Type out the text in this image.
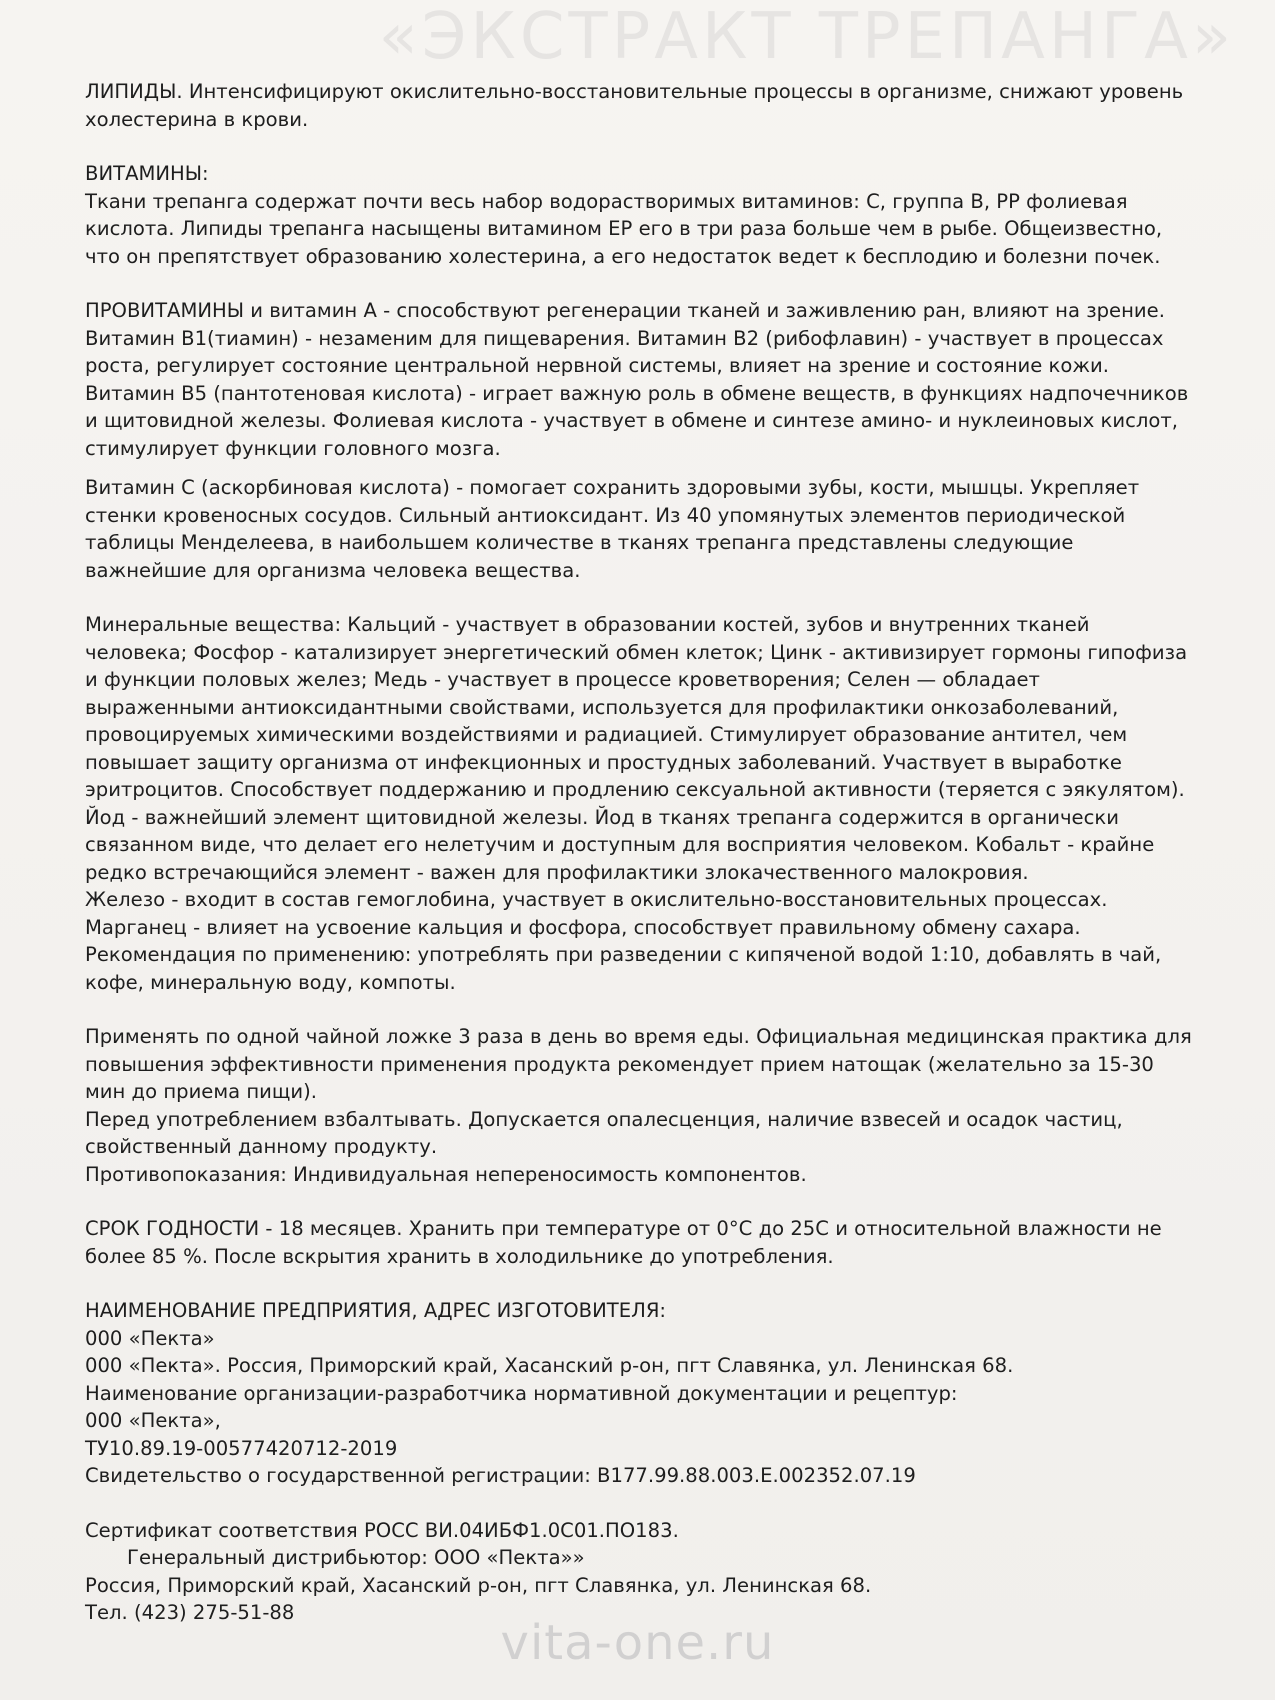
«ЭКСТРАКТ ТРЕПАНГА»

ЛИПИДЫ. Интенсифицируют окислительно-восстановительные процессы в организме, снижают уровень холестерина в крови.

ВИТАМИНЫ:

Ткани трепанга содержат почти весь набор водорастворимых витаминов: С, группа В, РР фолиевая кислота. Липиды трепанга насыщены витамином ЕР его в три раза больше чем в рыбе. Общеизвестно, что он препятствует образованию холестерина, а его недостаток ведет к бесплодию и болезни почек.

ПРОВИТАМИНЫ и витамин А - способствуют регенерации тканей и заживлению ран, влияют на зрение. Витамин В1(тиамин) - незаменим для пищеварения. Витамин В2 (рибофлавин) - участвует в процессах роста, регулирует состояние центральной нервной системы, влияет на зрение и состояние кожи. Витамин В5 (пантотеновая кислота) - играет важную роль в обмене веществ, в функциях надпочечников и щитовидной железы. Фолиевая кислота - участвует в обмене и синтезе амино- и нуклеиновых кислот, стимулирует функции головного мозга.

Витамин С (аскорбиновая кислота) - помогает сохранить здоровыми зубы, кости, мышцы. Укрепляет стенки кровеносных сосудов. Сильный антиоксидант. Из 40 упомянутых элементов периодической таблицы Менделеева, в наибольшем количестве в тканях трепанга представлены следующие важнейшие для организма человека вещества.

Минеральные вещества: Кальций - участвует в образовании костей, зубов и внутренних тканей человека; Фосфор - катализирует энергетический обмен клеток; Цинк - активизирует гормоны гипофиза и функции половых желез; Медь - участвует в процессе кроветворения; Селен — обладает выраженными антиоксидантными свойствами, используется для профилактики онкозаболеваний, провоцируемых химическими воздействиями и радиацией. Стимулирует образование антител, чем повышает защиту организма от инфекционных и простудных заболеваний. Участвует в выработке эритроцитов. Способствует поддержанию и продлению сексуальной активности (теряется с эякулятом). Йод - важнейший элемент щитовидной железы. Йод в тканях трепанга содержится в органически связанном виде, что делает его нелетучим и доступным для восприятия человеком. Кобальт - крайне редко встречающийся элемент - важен для профилактики злокачественного малокровия.

Железо - входит в состав гемоглобина, участвует в окислительно-восстановительных процессах.

Марганец - влияет на усвоение кальция и фосфора, способствует правильному обмену сахара.

Рекомендация по применению: употреблять при разведении с кипяченой водой 1:10, добавлять в чай, кофе, минеральную воду, компоты.

Применять по одной чайной ложке 3 раза в день во время еды. Официальная медицинская практика для повышения эффективности применения продукта рекомендует прием натощак (желательно за 15-30 мин до приема пищи).

Перед употреблением взбалтывать. Допускается опалесценция, наличие взвесей и осадок частиц, свойственный данному продукту.

Противопоказания: Индивидуальная непереносимость компонентов.

СРОК ГОДНОСТИ - 18 месяцев. Хранить при температуре от 0°С до 25С и относительной влажности не более 85 %. После вскрытия хранить в холодильнике до употребления.

НАИМЕНОВАНИЕ ПРЕДПРИЯТИЯ, АДРЕС ИЗГОТОВИТЕЛЯ:

000 «Пекта»

000 «Пекта». Россия, Приморский край, Хасанский р-он, пгт Славянка, ул. Ленинская 68.

Наименование организации-разработчика нормативной документации и рецептур:

000 «Пекта»,

ТУ10.89.19-00577420712-2019

Свидетельство о государственной регистрации: В177.99.88.003.Е.002352.07.19

Сертификат соответствия РОСС ВИ.04ИБФ1.0С01.ПО183.

Генеральный дистрибьютор: ООО «Пекта»»

Россия, Приморский край, Хасанский р-он, пгт Славянка, ул. Ленинская 68.

Тел. (423) 275-51-88

vita-one.ru
